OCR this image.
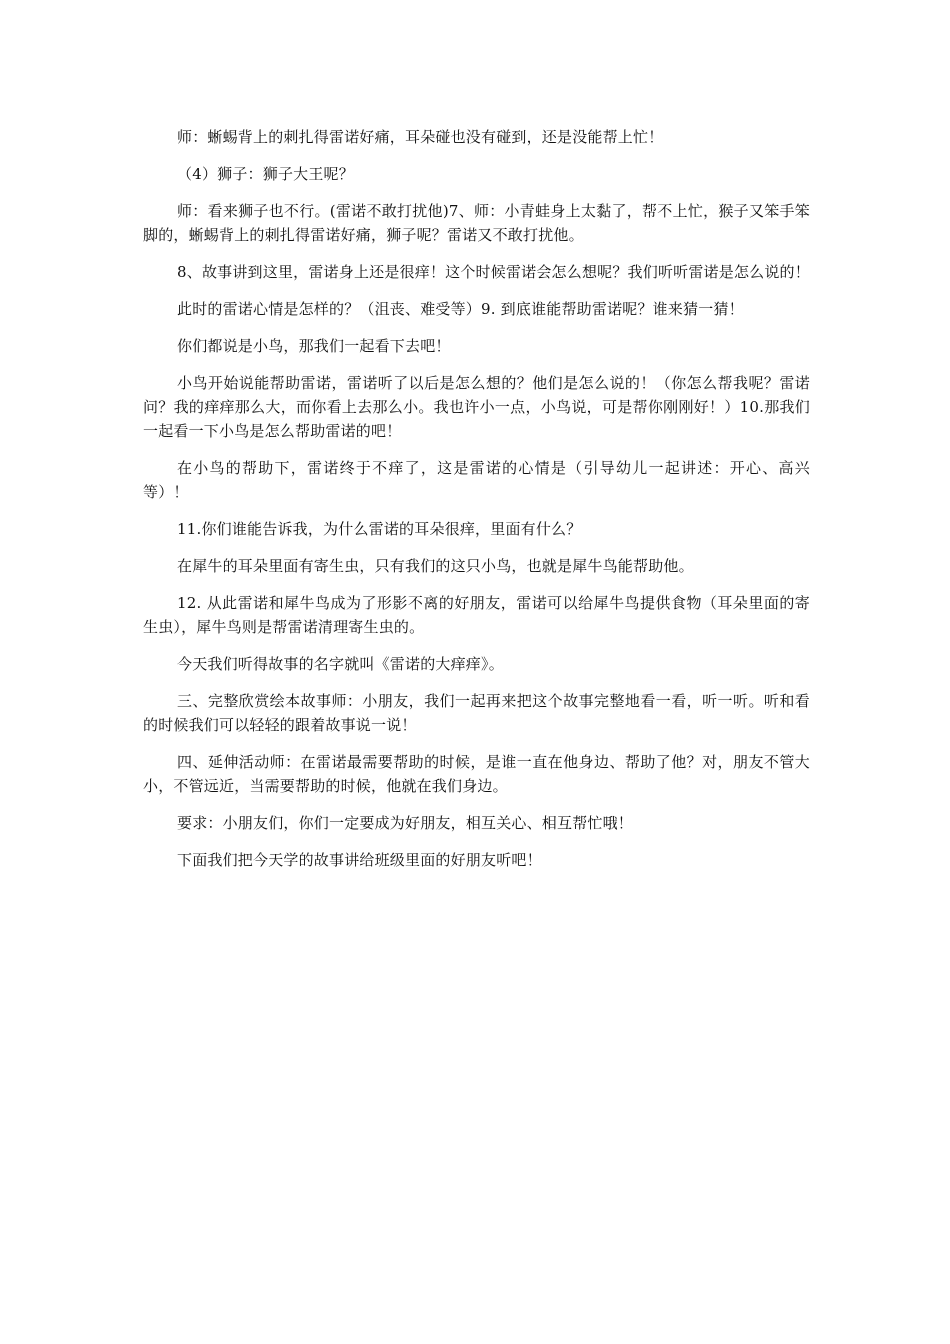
师：蜥蜴背上的刺扎得雷诺好痛，耳朵碰也没有碰到，还是没能帮上忙！

（4）狮子：狮子大王呢？

师：看来狮子也不行。(雷诺不敢打扰他)7、师：小青蛙身上太黏了，帮不上忙，猴子又笨手笨脚的，蜥蜴背上的刺扎得雷诺好痛，狮子呢？雷诺又不敢打扰他。

8、故事讲到这里，雷诺身上还是很痒！这个时候雷诺会怎么想呢？我们听听雷诺是怎么说的！

此时的雷诺心情是怎样的？（沮丧、难受等）9. 到底谁能帮助雷诺呢？谁来猜一猜！

你们都说是小鸟，那我们一起看下去吧！

小鸟开始说能帮助雷诺，雷诺听了以后是怎么想的？他们是怎么说的！（你怎么帮我呢？雷诺问？我的痒痒那么大，而你看上去那么小。我也许小一点，小鸟说，可是帮你刚刚好！）10.那我们一起看一下小鸟是怎么帮助雷诺的吧！

在小鸟的帮助下，雷诺终于不痒了，这是雷诺的心情是（引导幼儿一起讲述：开心、高兴等）！

11.你们谁能告诉我，为什么雷诺的耳朵很痒，里面有什么？

在犀牛的耳朵里面有寄生虫，只有我们的这只小鸟，也就是犀牛鸟能帮助他。

12. 从此雷诺和犀牛鸟成为了形影不离的好朋友，雷诺可以给犀牛鸟提供食物（耳朵里面的寄生虫），犀牛鸟则是帮雷诺清理寄生虫的。

今天我们听得故事的名字就叫《雷诺的大痒痒》。

三、完整欣赏绘本故事师：小朋友，我们一起再来把这个故事完整地看一看，听一听。听和看的时候我们可以轻轻的跟着故事说一说！

四、延伸活动师：在雷诺最需要帮助的时候，是谁一直在他身边、帮助了他？对，朋友不管大小，不管远近，当需要帮助的时候，他就在我们身边。

要求：小朋友们，你们一定要成为好朋友，相互关心、相互帮忙哦！

下面我们把今天学的故事讲给班级里面的好朋友听吧！
